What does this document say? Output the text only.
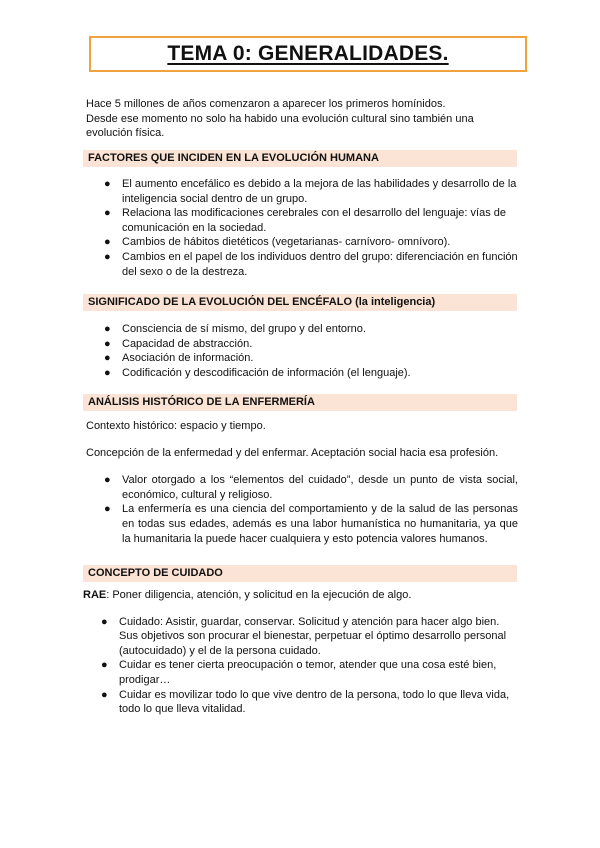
TEMA 0: GENERALIDADES.

Hace 5 millones de años comenzaron a aparecer los primeros homínidos.

Desde ese momento no solo ha habido una evolución cultural sino también una

evolución física.

FACTORES QUE INCIDEN EN LA EVOLUCIÓN HUMANA
● El aumento encefálico es debido a la mejora de las habilidades y desarrollo de la inteligencia social dentro de un grupo.
● Relaciona las modificaciones cerebrales con el desarrollo del lenguaje: vías de comunicación en la sociedad.
● Cambios de hábitos dietéticos (vegetarianas- carnívoro- omnívoro).
● Cambios en el papel de los individuos dentro del grupo: diferenciación en función del sexo o de la destreza.
SIGNIFICADO DE LA EVOLUCIÓN DEL ENCÉFALO (la inteligencia)
● Consciencia de sí mismo, del grupo y del entorno.
● Capacidad de abstracción.
● Asociación de información.
● Codificación y descodificación de información (el lenguaje).
ANÁLISIS HISTÓRICO DE LA ENFERMERÍA

Contexto histórico: espacio y tiempo.

Concepción de la enfermedad y del enfermar. Aceptación social hacia esa profesión.

● Valor otorgado a los “elementos del cuidado”, desde un punto de vista social, económico, cultural y religioso.
● La enfermería es una ciencia del comportamiento y de la salud de las personas en todas sus edades, además es una labor humanística no humanitaria, ya que la humanitaria la puede hacer cualquiera y esto potencia valores humanos.
CONCEPTO DE CUIDADO

RAE: Poner diligencia, atención, y solicitud en la ejecución de algo.

● Cuidado: Asistir, guardar, conservar. Solicitud y atención para hacer algo bien. Sus objetivos son procurar el bienestar, perpetuar el óptimo desarrollo personal (autocuidado) y el de la persona cuidado.
● Cuidar es tener cierta preocupación o temor, atender que una cosa esté bien, prodigar…
● Cuidar es movilizar todo lo que vive dentro de la persona, todo lo que lleva vida, todo lo que lleva vitalidad.
